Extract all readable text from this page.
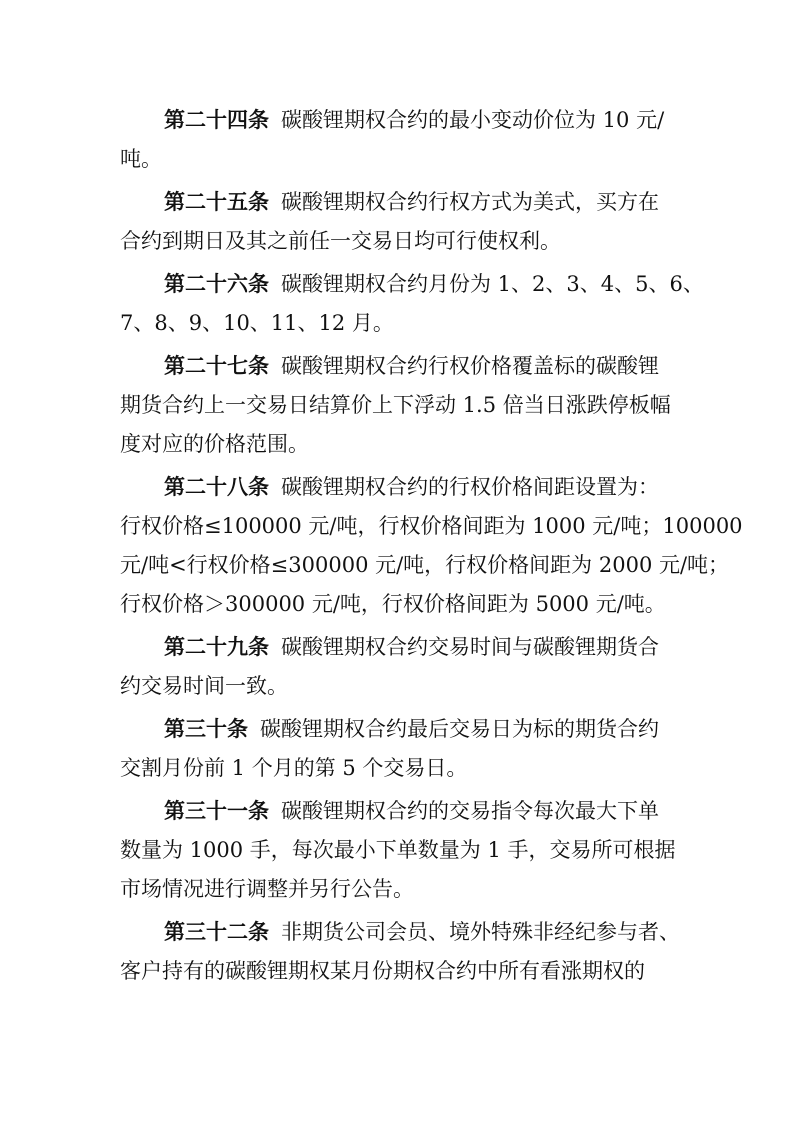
第二十四条 碳酸锂期权合约的最小变动价位为 10 元/
吨。
第二十五条 碳酸锂期权合约行权方式为美式，买方在
合约到期日及其之前任一交易日均可行使权利。
第二十六条 碳酸锂期权合约月份为 1、2、3、4、5、6、
7、8、9、10、11、12 月。
第二十七条 碳酸锂期权合约行权价格覆盖标的碳酸锂
期货合约上一交易日结算价上下浮动 1.5 倍当日涨跌停板幅
度对应的价格范围。
第二十八条 碳酸锂期权合约的行权价格间距设置为：
行权价格≤100000 元/吨，行权价格间距为 1000 元/吨；100000
元/吨<行权价格≤300000 元/吨，行权价格间距为 2000 元/吨；
行权价格＞300000 元/吨，行权价格间距为 5000 元/吨。
第二十九条 碳酸锂期权合约交易时间与碳酸锂期货合
约交易时间一致。
第三十条 碳酸锂期权合约最后交易日为标的期货合约
交割月份前 1 个月的第 5 个交易日。
第三十一条 碳酸锂期权合约的交易指令每次最大下单
数量为 1000 手，每次最小下单数量为 1 手，交易所可根据
市场情况进行调整并另行公告。
第三十二条 非期货公司会员、境外特殊非经纪参与者、
客户持有的碳酸锂期权某月份期权合约中所有看涨期权的
